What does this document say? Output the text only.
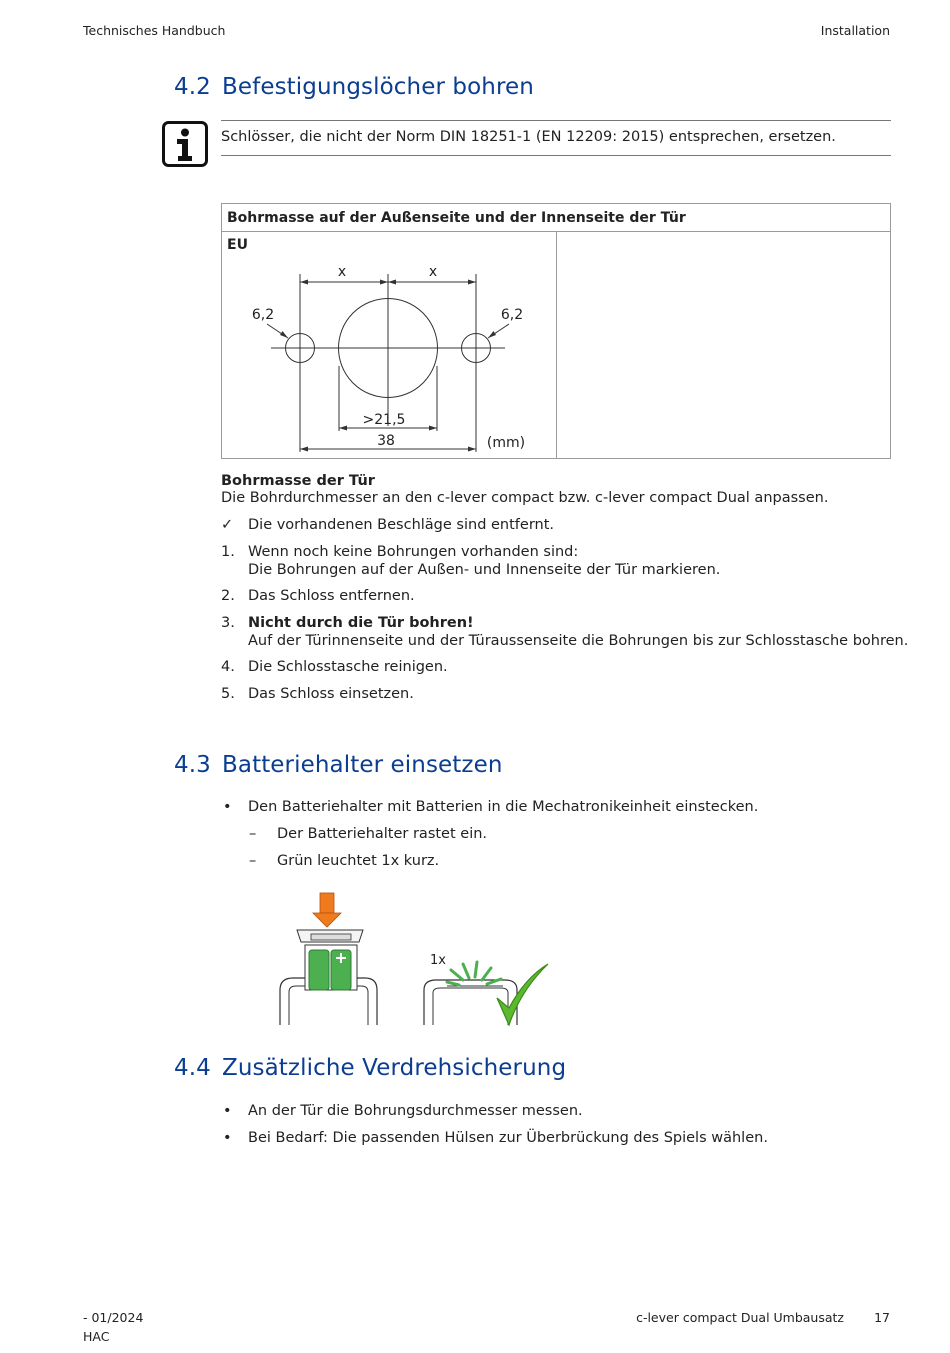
Technisches Handbuch	Installation
4.2 Befestigungslöcher bohren
Schlösser, die nicht der Norm DIN 18251-1 (EN 12209: 2015) entsprechen, ersetzen.
Bohrmasse auf der Außenseite und der Innenseite der Tür
EU
x	x
6,2	6,2
>21,5
38	(mm)
Bohrmasse der Tür
Die Bohrdurchmesser an den c-lever compact bzw. c-lever compact Dual anpassen.
✓ Die vorhandenen Beschläge sind entfernt.
1. Wenn noch keine Bohrungen vorhanden sind:
Die Bohrungen auf der Außen- und Innenseite der Tür markieren.
2. Das Schloss entfernen.
3. Nicht durch die Tür bohren!
Auf der Türinnenseite und der Türaussenseite die Bohrungen bis zur Schlosstasche bohren.
4. Die Schlosstasche reinigen.
5. Das Schloss einsetzen.
4.3 Batteriehalter einsetzen
• Den Batteriehalter mit Batterien in die Mechatronikeinheit einstecken.
– Der Batteriehalter rastet ein.
– Grün leuchtet 1x kurz.
1x
4.4 Zusätzliche Verdrehsicherung
• An der Tür die Bohrungsdurchmesser messen.
• Bei Bedarf: Die passenden Hülsen zur Überbrückung des Spiels wählen.
- 01/2024
HAC
c-lever compact Dual Umbausatz 17
